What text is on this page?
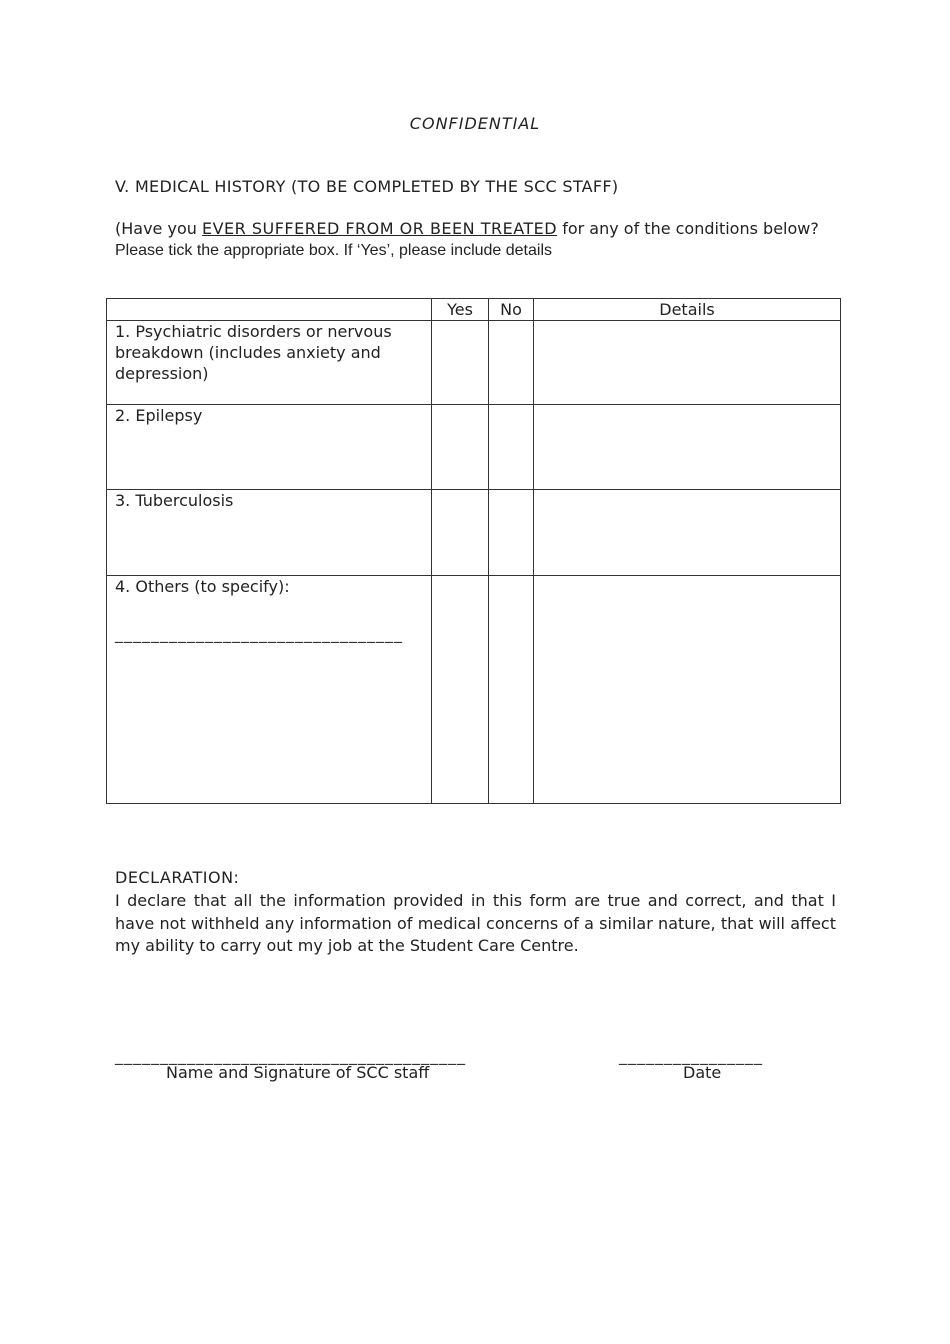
CONFIDENTIAL
V. MEDICAL HISTORY (TO BE COMPLETED BY THE SCC STAFF)
(Have you EVER SUFFERED FROM OR BEEN TREATED for any of the conditions below?
Please tick the appropriate box. If ‘Yes’, please include details
	Yes	No	Details
1. Psychiatric disorders or nervous breakdown (includes anxiety and depression)			
2. Epilepsy			
3. Tuberculosis			
4. Others (to specify):
________________________________			

DECLARATION:
I declare that all the information provided in this form are true and correct, and that I have not withheld any information of medical concerns of a similar nature, that will affect my ability to carry out my job at the Student Care Centre.
_______________________________________
Name and Signature of SCC staff
________________
Date
